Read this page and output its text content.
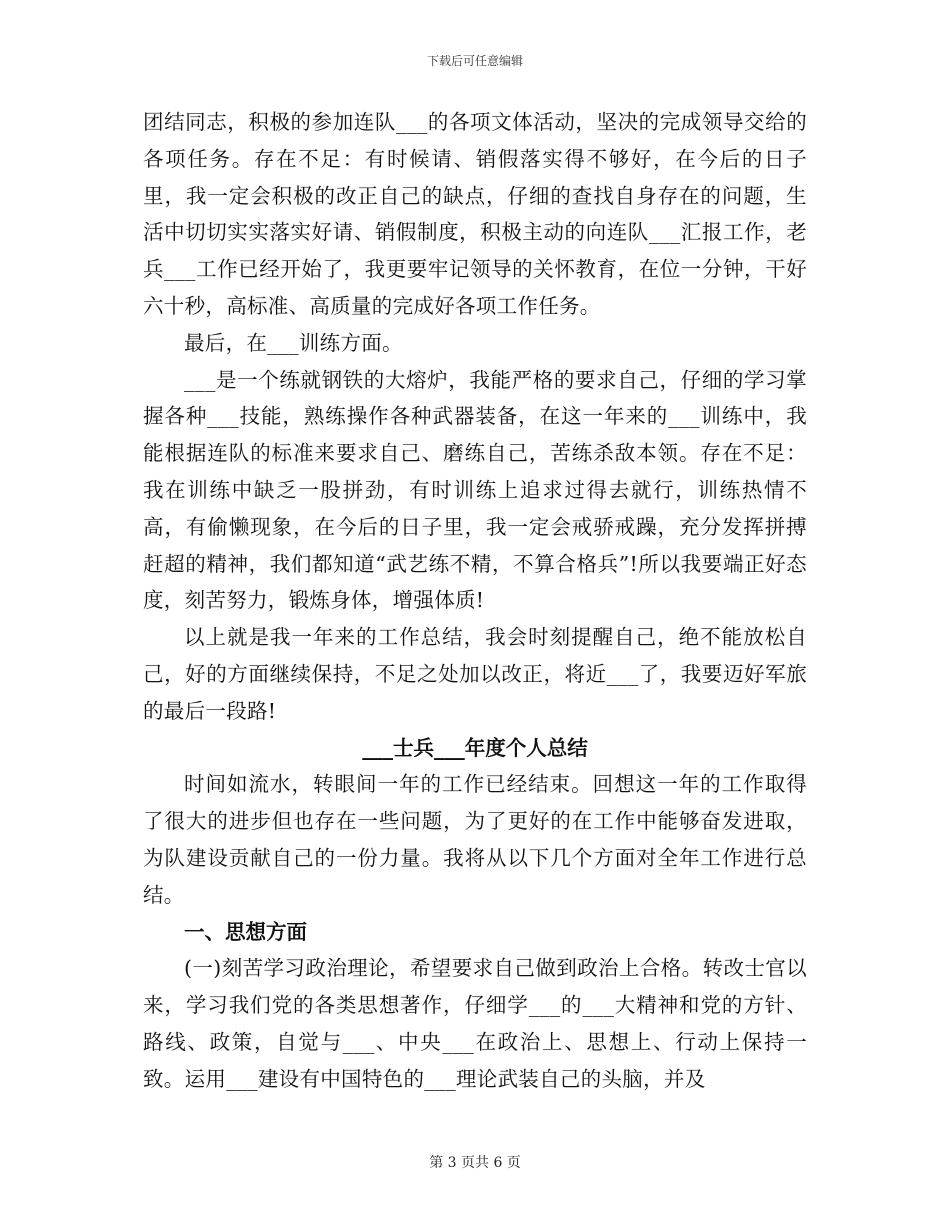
下载后可任意编辑

团结同志，积极的参加连队___的各项文体活动，坚决的完成领导交给的各项任务。存在不足：有时候请、销假落实得不够好，在今后的日子里，我一定会积极的改正自己的缺点，仔细的查找自身存在的问题，生活中切切实实落实好请、销假制度，积极主动的向连队___汇报工作，老兵___工作已经开始了，我更要牢记领导的关怀教育，在位一分钟，干好六十秒，高标准、高质量的完成好各项工作任务。

最后，在___训练方面。

___是一个练就钢铁的大熔炉，我能严格的要求自己，仔细的学习掌握各种___技能，熟练操作各种武器装备，在这一年来的___训练中，我能根据连队的标准来要求自己、磨练自己，苦练杀敌本领。存在不足：我在训练中缺乏一股拼劲，有时训练上追求过得去就行，训练热情不高，有偷懒现象，在今后的日子里，我一定会戒骄戒躁，充分发挥拼搏赶超的精神，我们都知道“武艺练不精，不算合格兵”!所以我要端正好态度，刻苦努力，锻炼身体，增强体质!

以上就是我一年来的工作总结，我会时刻提醒自己，绝不能放松自己，好的方面继续保持，不足之处加以改正，将近___了，我要迈好军旅的最后一段路!

___士兵___年度个人总结

时间如流水，转眼间一年的工作已经结束。回想这一年的工作取得了很大的进步但也存在一些问题，为了更好的在工作中能够奋发进取，为队建设贡献自己的一份力量。我将从以下几个方面对全年工作进行总结。

一、思想方面

(一)刻苦学习政治理论，希望要求自己做到政治上合格。转改士官以来，学习我们党的各类思想著作，仔细学___的___大精神和党的方针、路线、政策，自觉与___、中央___在政治上、思想上、行动上保持一致。运用___建设有中国特色的___理论武装自己的头脑，并及

第 3 页共 6 页
